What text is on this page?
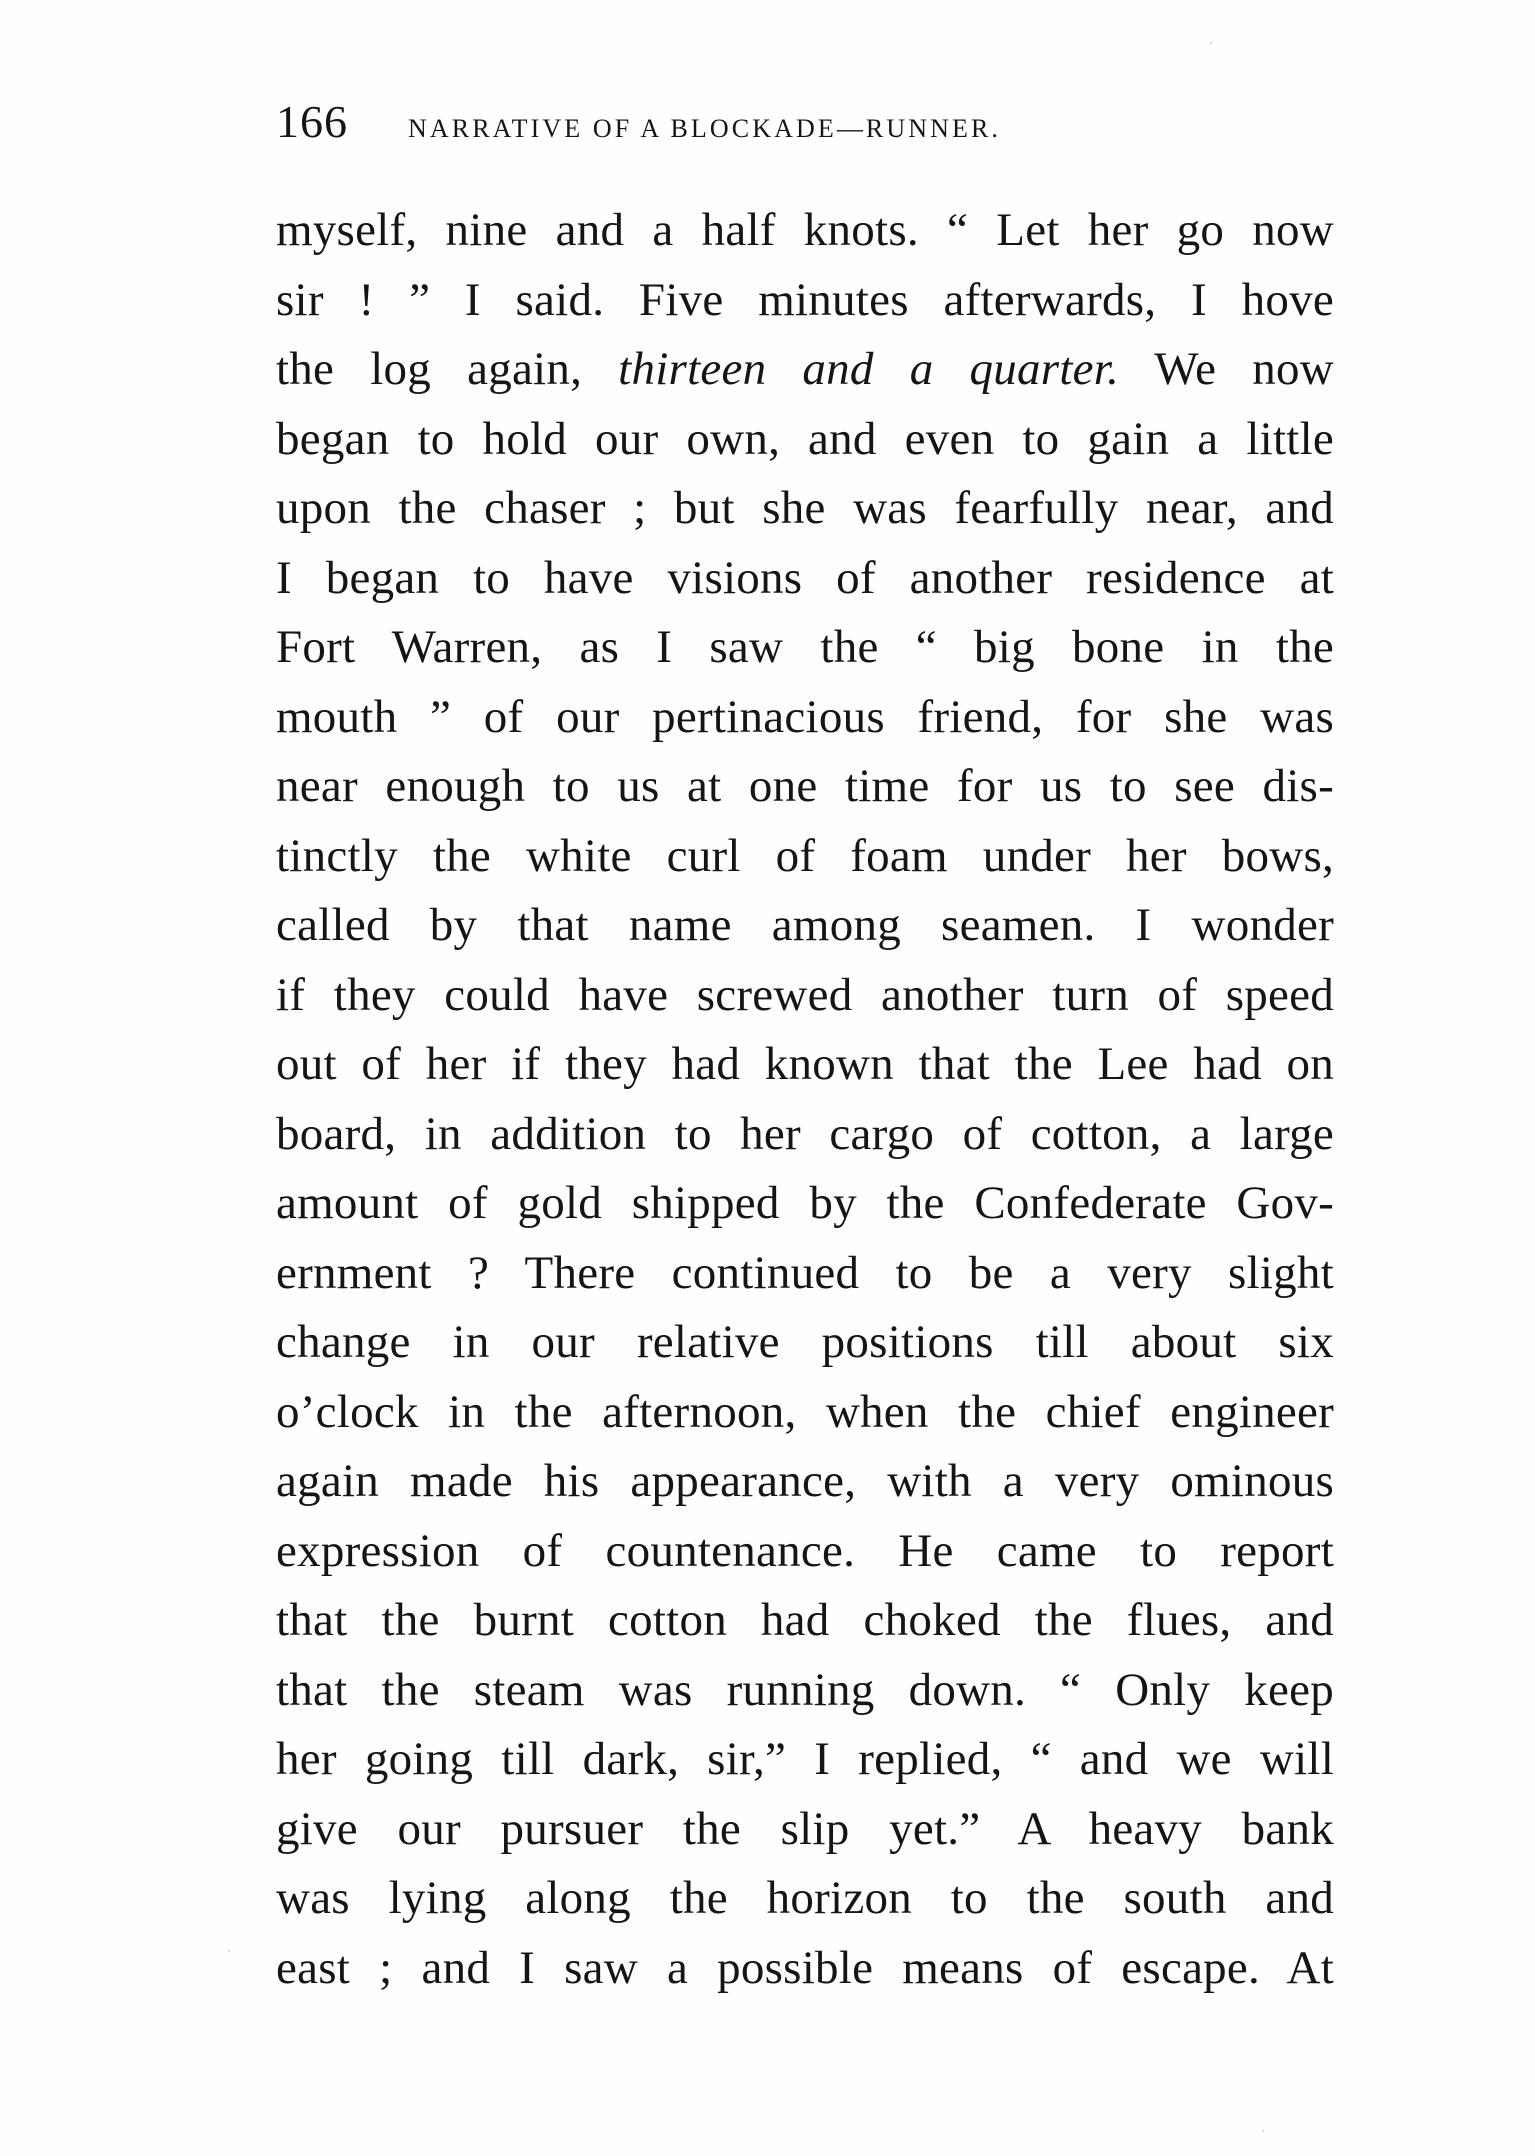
166 NARRATIVE OF A BLOCKADE—RUNNER.
myself, nine and a half knots. “ Let her go now
sir ! ” I said. Five minutes afterwards, I hove
the log again, thirteen and a quarter. We now
began to hold our own, and even to gain a little
upon the chaser ; but she was fearfully near, and
I began to have visions of another residence at
Fort Warren, as I saw the “ big bone in the
mouth ” of our pertinacious friend, for she was
near enough to us at one time for us to see dis-
tinctly the white curl of foam under her bows,
called by that name among seamen. I wonder
if they could have screwed another turn of speed
out of her if they had known that the Lee had on
board, in addition to her cargo of cotton, a large
amount of gold shipped by the Confederate Gov-
ernment ? There continued to be a very slight
change in our relative positions till about six
o’clock in the afternoon, when the chief engineer
again made his appearance, with a very ominous
expression of countenance. He came to report
that the burnt cotton had choked the flues, and
that the steam was running down. “ Only keep
her going till dark, sir,” I replied, “ and we will
give our pursuer the slip yet.” A heavy bank
was lying along the horizon to the south and
east ; and I saw a possible means of escape. At
